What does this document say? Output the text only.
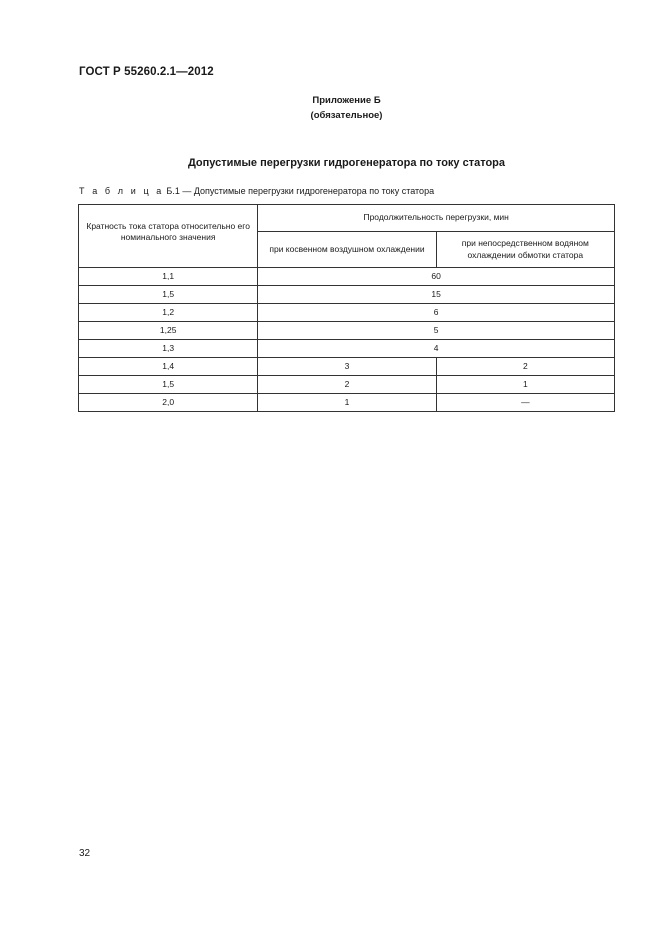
ГОСТ Р 55260.2.1—2012
Приложение Б
(обязательное)
Допустимые перегрузки гидрогенератора по току статора
Т а б л и ц а Б.1 — Допустимые перегрузки гидрогенератора по току статора
Кратность тока статора относительно его номинального значения	Продолжительность перегрузки, мин	
	при косвенном воздушном охлаждении	при непосредственном водяном охлаждении обмотки статора
1,1	60	
1,5	15	
1,2	6	
1,25	5	
1,3	4	
1,4	3	2
1,5	2	1
2,0	1	—
32
